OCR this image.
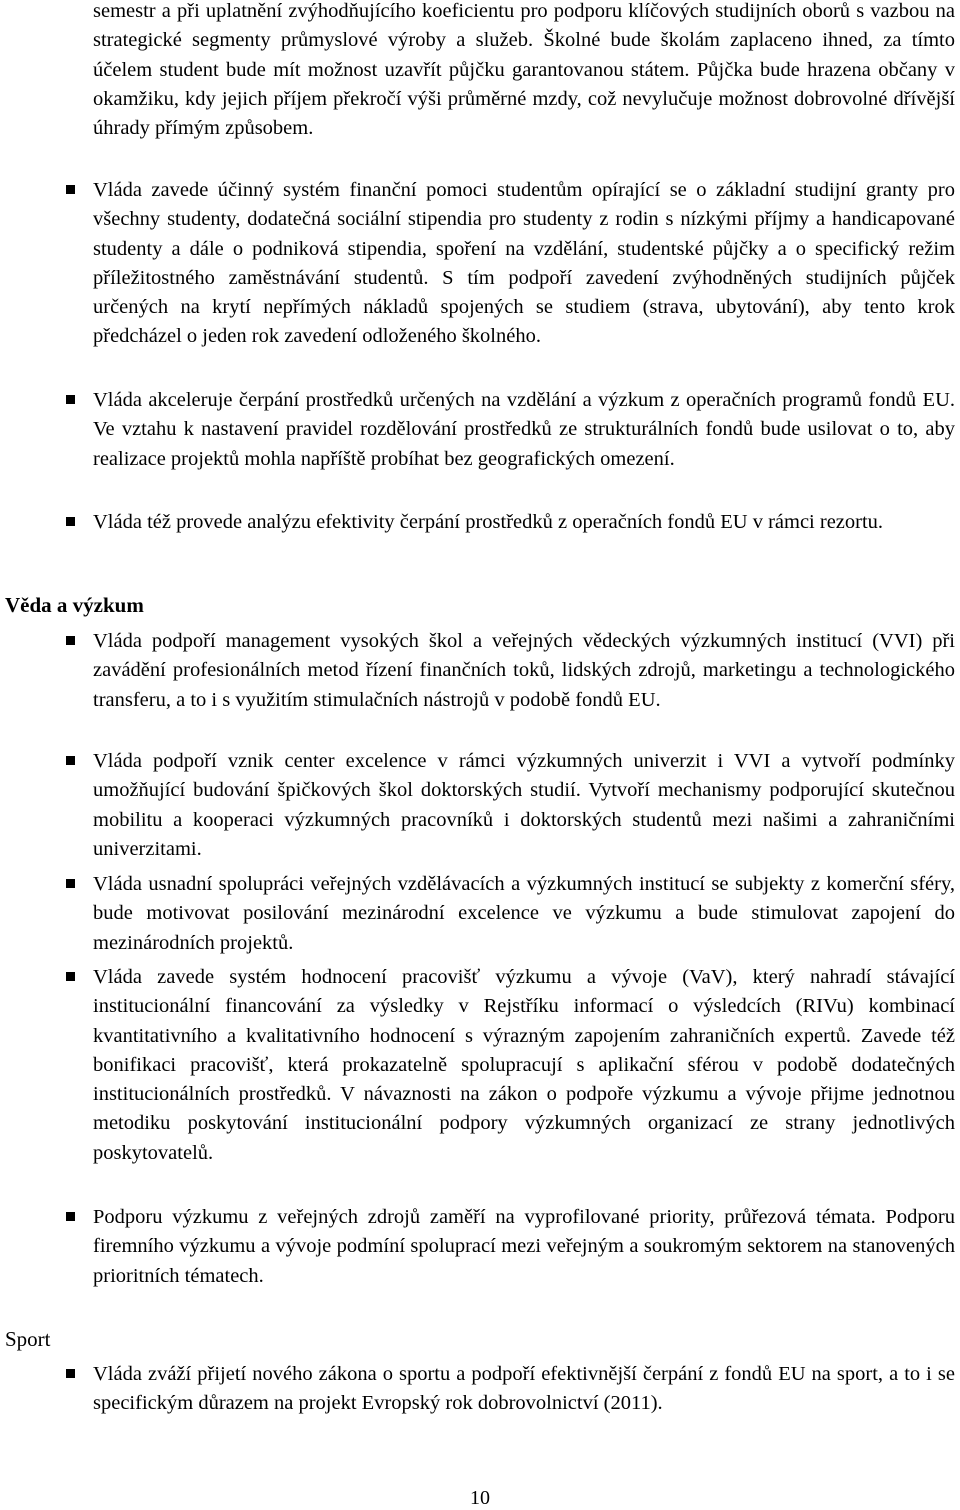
semestr a při uplatnění zvýhodňujícího koeficientu pro podporu klíčových studijních oborů s vazbou na strategické segmenty průmyslové výroby a služeb. Školné bude školám zaplaceno ihned, za tímto účelem student bude mít možnost uzavřít půjčku garantovanou státem. Půjčka bude hrazena občany v okamžiku, kdy jejich příjem překročí výši průměrné mzdy, což nevylučuje možnost dobrovolné dřívější úhrady přímým způsobem.

Vláda zavede účinný systém finanční pomoci studentům opírající se o základní studijní granty pro všechny studenty, dodatečná sociální stipendia pro studenty z rodin s nízkými příjmy a handicapované studenty a dále o podniková stipendia, spoření na vzdělání, studentské půjčky a o specifický režim příležitostného zaměstnávání studentů. S tím podpoří zavedení zvýhodněných studijních půjček určených na krytí nepřímých nákladů spojených se studiem (strava, ubytování), aby tento krok předcházel o jeden rok zavedení odloženého školného.
Vláda akceleruje čerpání prostředků určených na vzdělání a výzkum z operačních programů fondů EU. Ve vztahu k nastavení pravidel rozdělování prostředků ze strukturálních fondů bude usilovat o to, aby realizace projektů mohla napříště probíhat bez geografických omezení.
Vláda též provede analýzu efektivity čerpání prostředků z operačních fondů EU v rámci rezortu.
Věda a výzkum
Vláda podpoří management vysokých škol a veřejných vědeckých výzkumných institucí (VVI) při zavádění profesionálních metod řízení finančních toků, lidských zdrojů, marketingu a technologického transferu, a to i s využitím stimulačních nástrojů v podobě fondů EU.
Vláda podpoří vznik center excelence v rámci výzkumných univerzit i VVI a vytvoří podmínky umožňující budování špičkových škol doktorských studií. Vytvoří mechanismy podporující skutečnou mobilitu a kooperaci výzkumných pracovníků i doktorských studentů mezi našimi a zahraničními univerzitami.
Vláda usnadní spolupráci veřejných vzdělávacích a výzkumných institucí se subjekty z komerční sféry, bude motivovat posilování mezinárodní excelence ve výzkumu a bude stimulovat zapojení do mezinárodních projektů.
Vláda zavede systém hodnocení pracovišť výzkumu a vývoje (VaV), který nahradí stávající institucionální financování za výsledky v Rejstříku informací o výsledcích (RIVu) kombinací kvantitativního a kvalitativního hodnocení s výrazným zapojením zahraničních expertů. Zavede též bonifikaci pracovišť, která prokazatelně spolupracují s aplikační sférou v podobě dodatečných institucionálních prostředků. V návaznosti na zákon o podpoře výzkumu a vývoje přijme jednotnou metodiku poskytování institucionální podpory výzkumných organizací ze strany jednotlivých poskytovatelů.
Podporu výzkumu z veřejných zdrojů zaměří na vyprofilované priority, průřezová témata. Podporu firemního výzkumu a vývoje podmíní spoluprací mezi veřejným a soukromým sektorem na stanovených prioritních tématech.
Sport
Vláda zváží přijetí nového zákona o sportu a podpoří efektivnější čerpání z fondů EU na sport, a to i se specifickým důrazem na projekt Evropský rok dobrovolnictví (2011).
10
